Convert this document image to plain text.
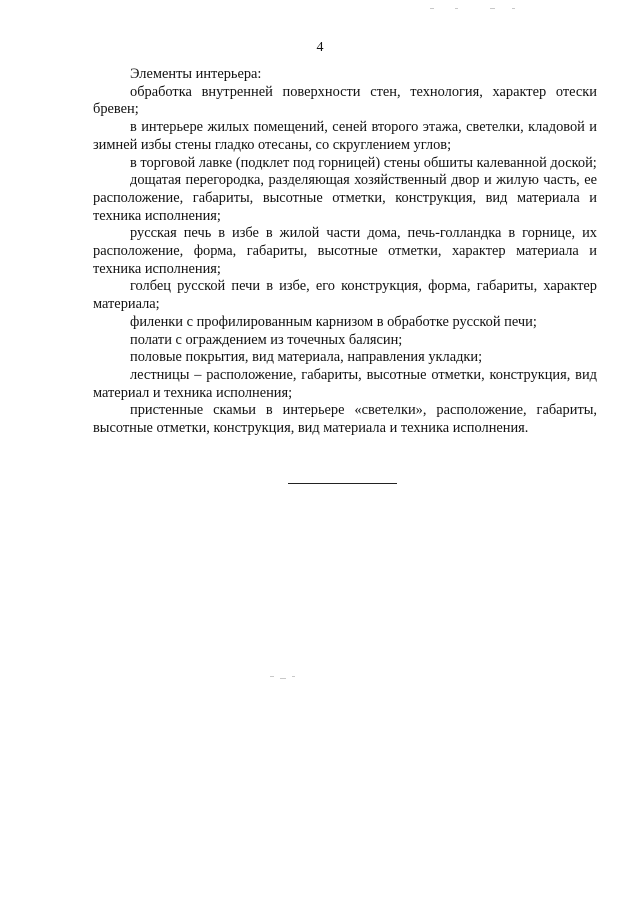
4

Элементы интерьера:

обработка внутренней поверхности стен, технология, характер отески бревен;

в интерьере жилых помещений, сеней второго этажа, светелки, кладовой и зимней избы стены гладко отесаны, со скруглением углов;

в торговой лавке (подклет под горницей) стены обшиты калеванной доской;

дощатая перегородка, разделяющая хозяйственный двор и жилую часть, ее расположение, габариты, высотные отметки, конструкция, вид материала и техника исполнения;

русская печь в избе в жилой части дома, печь-голландка в горнице, их расположение, форма, габариты, высотные отметки, характер материала и техника исполнения;

голбец русской печи в избе, его конструкция, форма, габариты, характер материала;

филенки с профилированным карнизом в обработке русской печи;

полати с ограждением из точечных балясин;

половые покрытия, вид материала, направления укладки;

лестницы – расположение, габариты, высотные отметки, конструкция, вид материал и техника исполнения;

пристенные скамьи в интерьере «светелки», расположение, габариты, высотные отметки, конструкция, вид материала и техника исполнения.
